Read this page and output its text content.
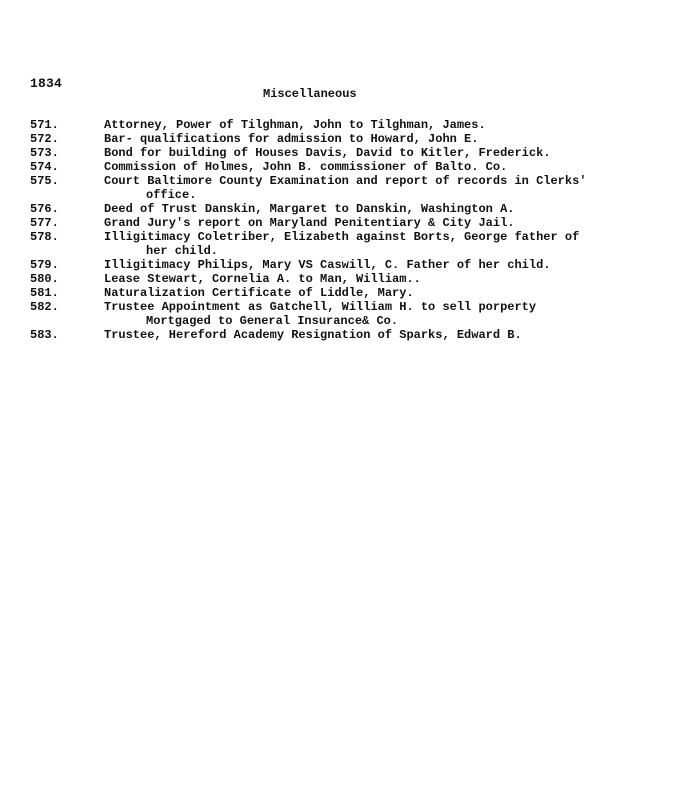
1834
Miscellaneous
571.	Attorney, Power of Tilghman, John to Tilghman, James.
572.	Bar- qualifications for admission to Howard, John E.
573.	Bond for building of Houses Davis, David to Kitler, Frederick.
574.	Commission of Holmes, John B. commissioner of Balto. Co.
575.	Court Baltimore County Examination and report of records in Clerks'
office.
576.	Deed of Trust Danskin, Margaret to Danskin, Washington A.
577.	Grand Jury's report on Maryland Penitentiary & City Jail.
578.	Illigitimacy Coletriber, Elizabeth against Borts, George father of
her child.
579.	Illigitimacy Philips, Mary VS Caswill, C. Father of her child.
580.	Lease Stewart, Cornelia A. to Man, William..
581.	Naturalization Certificate of Liddle, Mary.
582.	Trustee Appointment as Gatchell, William H. to sell porperty
Mortgaged to General Insurance& Co.
583.	Trustee, Hereford Academy Resignation of Sparks, Edward B.
